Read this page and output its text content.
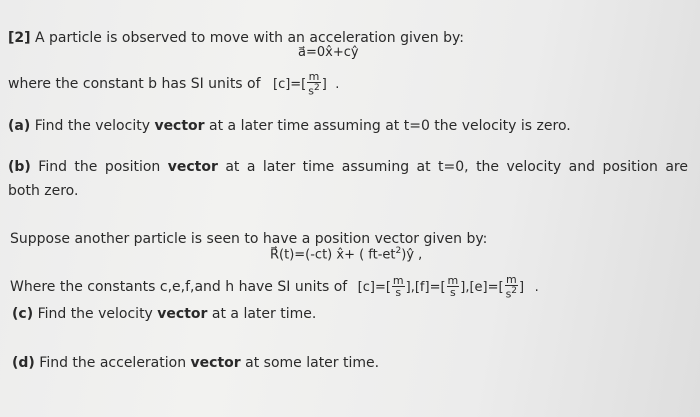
[2] A particle is observed to move with an acceleration given by:
a⃗=0x̂+cŷ
where the constant b has SI units of $[c]=[ \frac{m}{s^2}$ ] .
(a) Find the velocity vector at a later time assuming at t=0 the velocity is zero.
(b) Find the position vector at a later time assuming at t=0, the velocity and position are
both zero.
Suppose another particle is seen to have a position vector given by:
R⃗(t)=(-ct) x̂+ ( $ft-et^2)ŷ$ ,
Where the constants c,e,f,and h have SI units of $[c]=[ \frac{m}{s} ],[f]=[ \frac{m}{s} ],[e]=[ \frac{m}{s^2}$ ] .
(c) Find the velocity vector at a later time.
(d) Find the acceleration vector at some later time.
